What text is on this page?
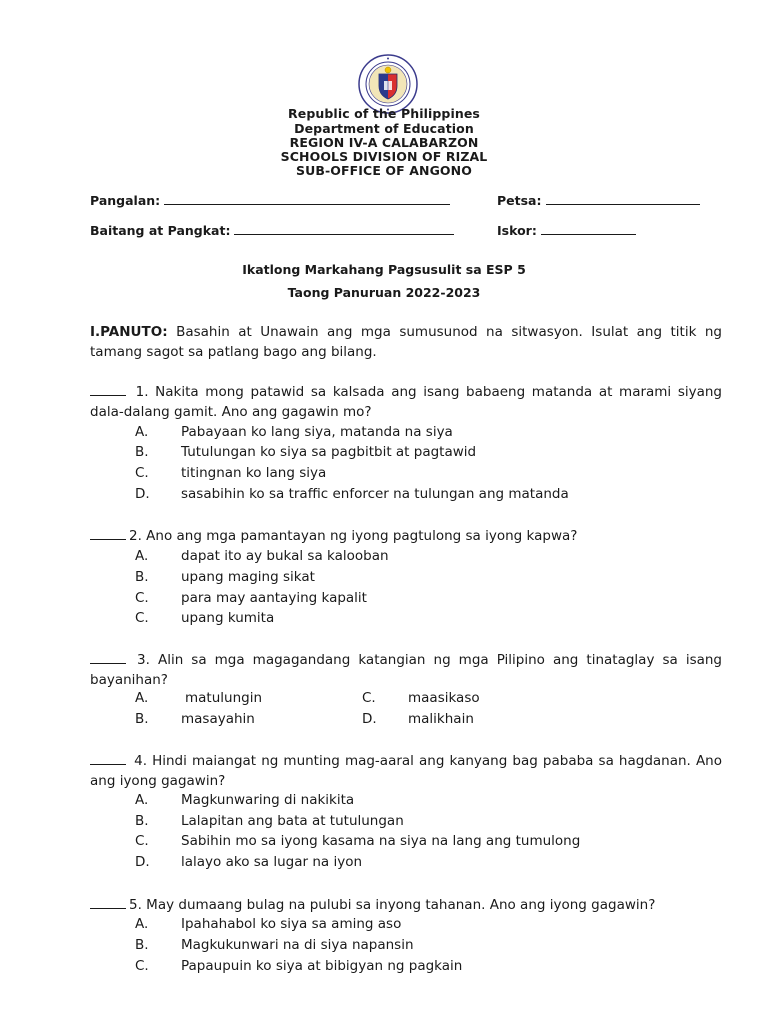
Republic of the Philippines
Department of Education
REGION IV-A CALABARZON
SCHOOLS DIVISION OF RIZAL
SUB-OFFICE OF ANGONO
Pangalan:	Petsa:
Baitang at Pangkat:	Iskor:
Ikatlong Markahang Pagsusulit sa ESP 5
Taong Panuruan 2022-2023
I.PANUTO: Basahin at Unawain ang mga sumusunod na sitwasyon. Isulat ang titik ng tamang sagot sa patlang bago ang bilang.
1. Nakita mong patawid sa kalsada ang isang babaeng matanda at marami siyang dala-dalang gamit. Ano ang gagawin mo?
A. Pabayaan ko lang siya, matanda na siya
B. Tutulungan ko siya sa pagbitbit at pagtawid
C. titingnan ko lang siya
D. sasabihin ko sa traffic enforcer na tulungan ang matanda
2. Ano ang mga pamantayan ng iyong pagtulong sa iyong kapwa?
A. dapat ito ay bukal sa kalooban
B. upang maging sikat
C. para may aantaying kapalit
C. upang kumita
3. Alin sa mga magagandang katangian ng mga Pilipino ang tinataglay sa isang bayanihan?
A.	matulungin	C. maasikaso
B. masayahin	D. malikhain
4. Hindi maiangat ng munting mag-aaral ang kanyang bag pababa sa hagdanan. Ano ang iyong gagawin?
A. Magkunwaring di nakikita
B. Lalapitan ang bata at tutulungan
C. Sabihin mo sa iyong kasama na siya na lang ang tumulong
D. lalayo ako sa lugar na iyon
5. May dumaang bulag na pulubi sa inyong tahanan. Ano ang iyong gagawin?
A. Ipahahabol ko siya sa aming aso
B. Magkukunwari na di siya napansin
C. Papaupuin ko siya at bibigyan ng pagkain
